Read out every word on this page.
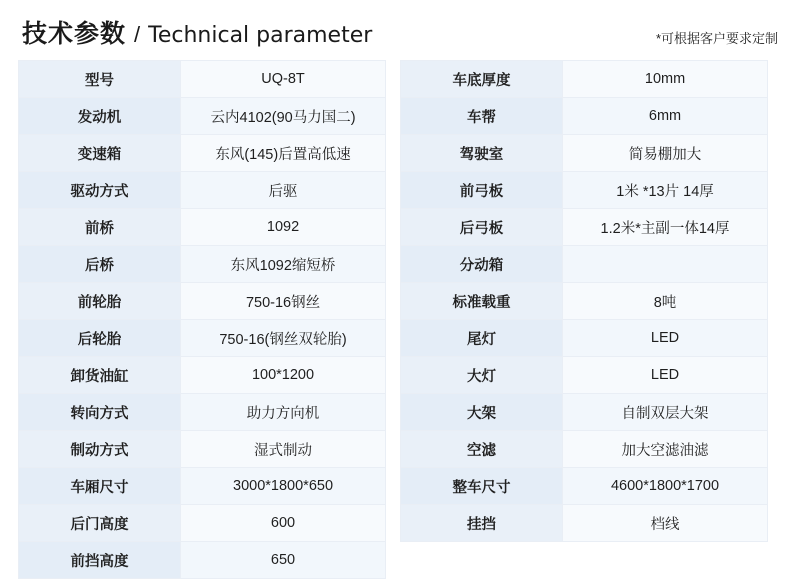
技术参数 / Technical parameter	*可根据客户要求定制
型号	UQ-8T
发动机	云内4102(90马力国二)
变速箱	东风(145)后置高低速
驱动方式	后驱
前桥	1092
后桥	东风1092缩短桥
前轮胎	750-16钢丝
后轮胎	750-16(钢丝双轮胎)
卸货油缸	100*1200
转向方式	助力方向机
制动方式	湿式制动
车厢尺寸	3000*1800*650
后门高度	600
前挡高度	650
车底厚度	10mm
车帮	6mm
驾驶室	简易棚加大
前弓板	1米 *13片 14厚
后弓板	1.2米*主副一体14厚
分动箱	
标准载重	8吨
尾灯	LED
大灯	LED
大架	自制双层大架
空滤	加大空滤油滤
整车尺寸	4600*1800*1700
挂挡	档线
